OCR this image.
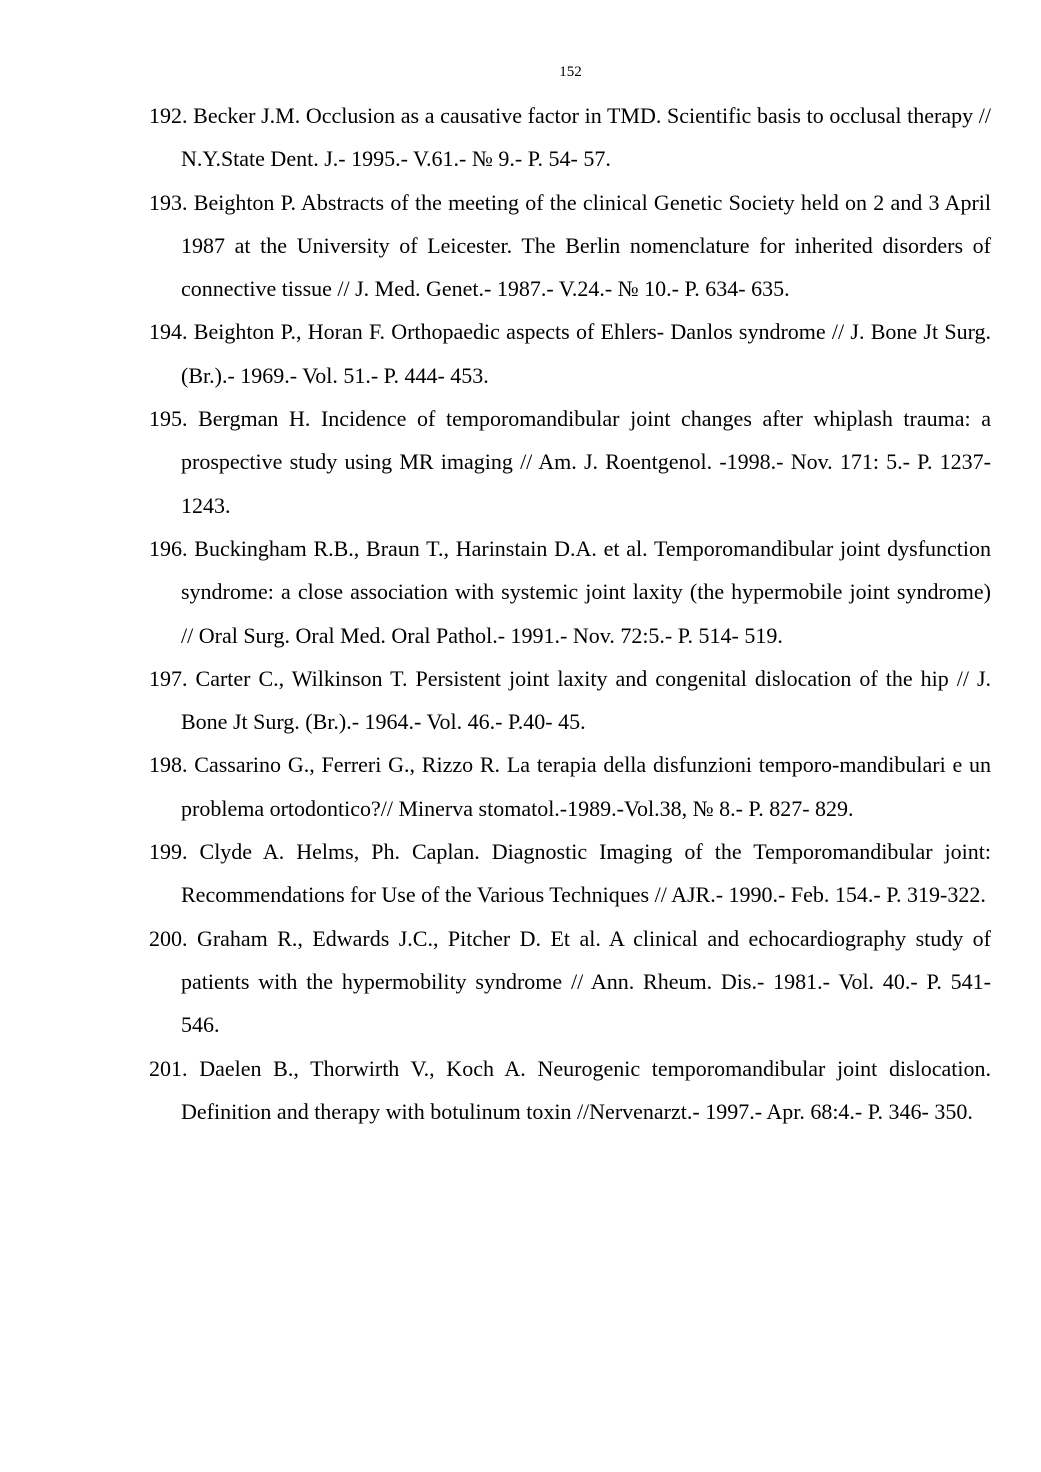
152
192. Becker J.M. Occlusion as a causative factor in TMD. Scientific basis to occlusal therapy // N.Y.State Dent. J.- 1995.- V.61.- № 9.- P. 54- 57.
193. Beighton P. Abstracts of the meeting of the clinical Genetic Society held on 2 and 3 April 1987 at the University of Leicester. The Berlin nomenclature for inherited disorders of connective tissue // J. Med. Genet.- 1987.- V.24.- № 10.- P. 634- 635.
194. Beighton P., Horan F. Orthopaedic aspects of Ehlers- Danlos syndrome // J. Bone Jt Surg. (Br.).- 1969.- Vol. 51.- P. 444- 453.
195. Bergman H. Incidence of temporomandibular joint changes after whiplash trauma: a prospective study using MR imaging // Am. J. Roentgenol. -1998.- Nov. 171: 5.- P. 1237- 1243.
196. Buckingham R.B., Braun T., Harinstain D.A. et al. Temporomandibular joint dysfunction syndrome: a close association with systemic joint laxity (the hypermobile joint syndrome) // Oral Surg. Oral Med. Oral Pathol.- 1991.- Nov. 72:5.- P. 514- 519.
197. Carter C., Wilkinson T. Persistent joint laxity and congenital dislocation of the hip // J. Bone Jt Surg. (Br.).- 1964.- Vol. 46.- P.40- 45.
198. Cassarino G., Ferreri G., Rizzo R. La terapia della disfunzioni temporo-mandibulari e un problema ortodontico?// Minerva stomatol.-1989.-Vol.38, № 8.- P. 827- 829.
199. Clyde A. Helms, Ph. Caplan. Diagnostic Imaging of the Temporomandibular joint: Recommendations for Use of the Various Techniques // AJR.- 1990.- Feb. 154.- P. 319-322.
200. Graham R., Edwards J.C., Pitcher D. Et al. A clinical and echocardiography study of patients with the hypermobility syndrome // Ann. Rheum. Dis.- 1981.- Vol. 40.- P. 541- 546.
201. Daelen B., Thorwirth V., Koch A. Neurogenic temporomandibular joint dislocation. Definition and therapy with botulinum toxin //Nervenarzt.- 1997.- Apr. 68:4.- P. 346- 350.
